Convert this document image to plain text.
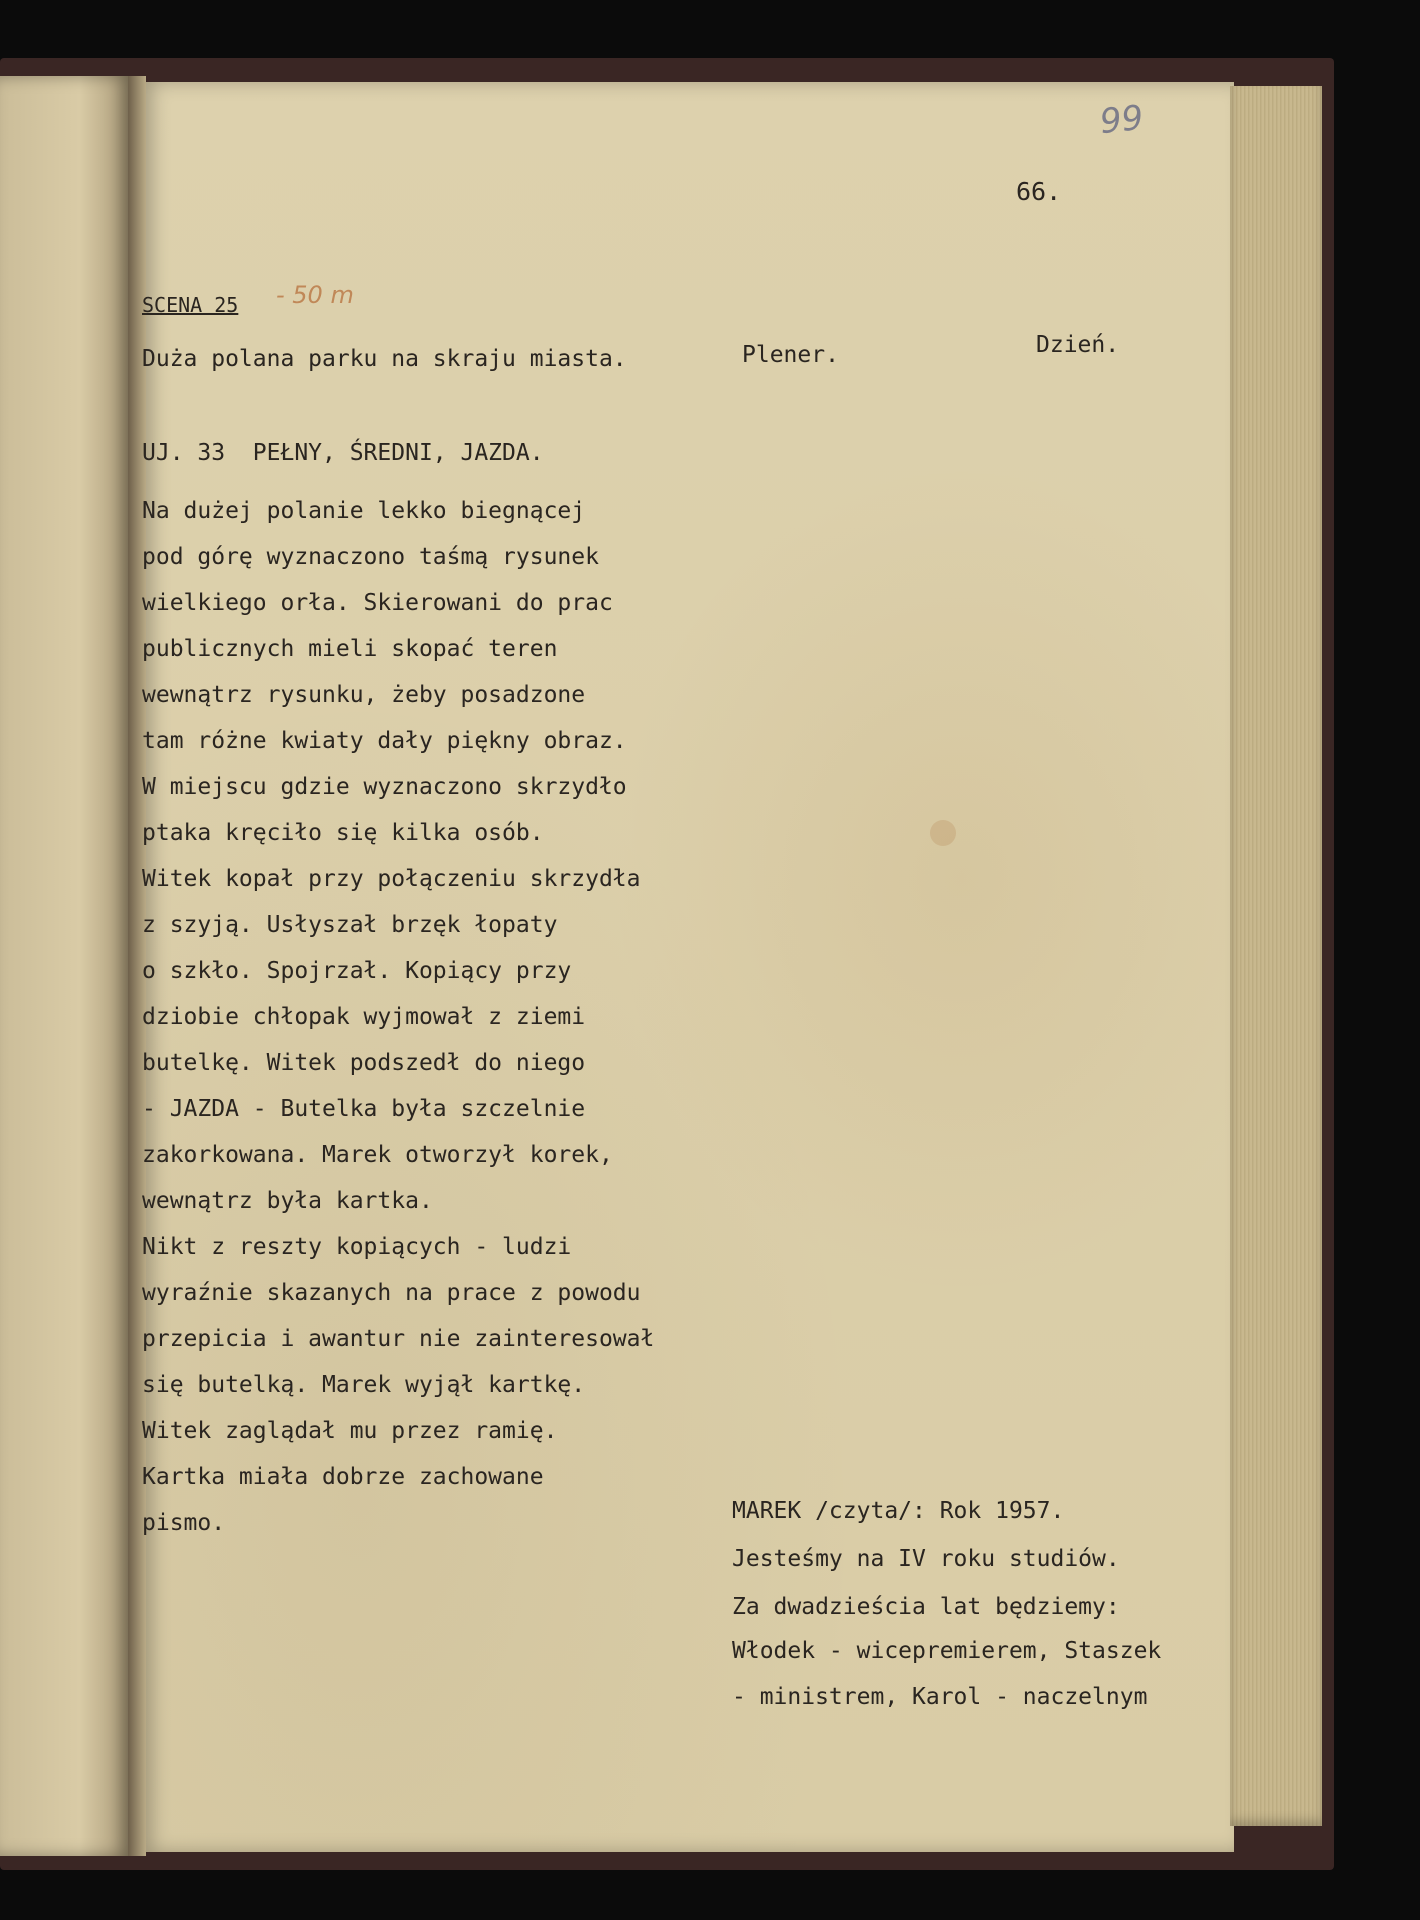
99
66.
SCENA 25 - 50 m
Duża polana parku na skraju miasta.	Plener.	Dzień.
UJ. 33  PEŁNY, ŚREDNI, JAZDA.
Na dużej polanie lekko biegnącej
pod górę wyznaczono taśmą rysunek
wielkiego orła. Skierowani do prac
publicznych mieli skopać teren
wewnątrz rysunku, żeby posadzone
tam różne kwiaty dały piękny obraz.
W miejscu gdzie wyznaczono skrzydło
ptaka kręciło się kilka osób.
Witek kopał przy połączeniu skrzydła
z szyją. Usłyszał brzęk łopaty
o szkło. Spojrzał. Kopiący przy
dziobie chłopak wyjmował z ziemi
butelkę. Witek podszedł do niego
- JAZDA - Butelka była szczelnie
zakorkowana. Marek otworzył korek,
wewnątrz była kartka.
Nikt z reszty kopiących - ludzi
wyraźnie skazanych na prace z powodu
przepicia i awantur nie zainteresował
się butelką. Marek wyjął kartkę.
Witek zaglądał mu przez ramię.
Kartka miała dobrze zachowane
pismo.	MAREK /czyta/: Rok 1957.
Jesteśmy na IV roku studiów.
Za dwadzieścia lat będziemy:
Włodek - wicepremierem, Staszek
- ministrem, Karol - naczelnym
